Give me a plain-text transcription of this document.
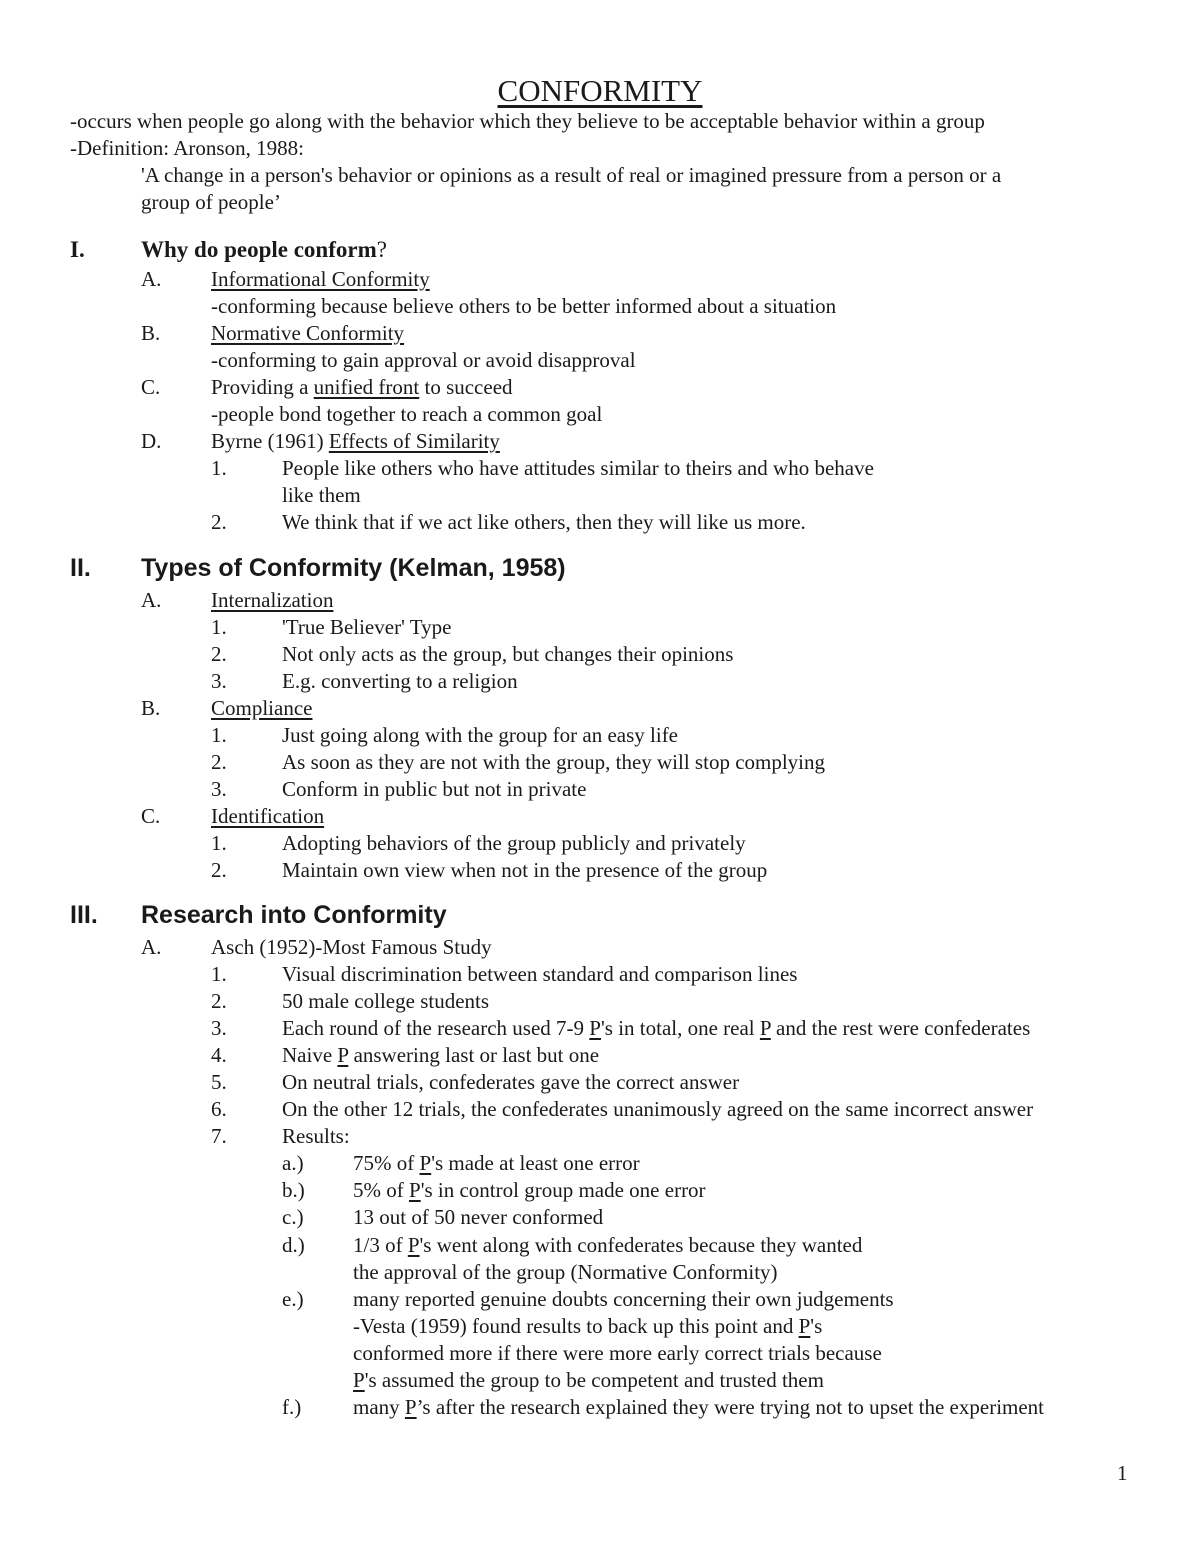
CONFORMITY
-occurs when people go along with the behavior which they believe to be acceptable behavior within a group
-Definition: Aronson, 1988:
'A change in a person's behavior or opinions as a result of real or imagined pressure from a person or a
group of people’
I. Why do people conform?
A. Informational Conformity
-conforming because believe others to be better informed about a situation
B. Normative Conformity
-conforming to gain approval or avoid disapproval
C. Providing a unified front to succeed
-people bond together to reach a common goal
D. Byrne (1961) Effects of Similarity
1.	People like others who have attitudes similar to theirs and who behave
like them
2.	We think that if we act like others, then they will like us more.
II. Types of Conformity (Kelman, 1958)
A. Internalization
1.	'True Believer' Type
2.	Not only acts as the group, but changes their opinions
3.	E.g. converting to a religion
B. Compliance
1.	Just going along with the group for an easy life
2.	As soon as they are not with the group, they will stop complying
3.	Conform in public but not in private
C. Identification
1.	Adopting behaviors of the group publicly and privately
2.	Maintain own view when not in the presence of the group
III. Research into Conformity
A. Asch (1952)-Most Famous Study
1.	Visual discrimination between standard and comparison lines
2.	50 male college students
3.	Each round of the research used 7-9 P's in total, one real P and the rest were confederates
4.	Naive P answering last or last but one
5.	On neutral trials, confederates gave the correct answer
6.	On the other 12 trials, the confederates unanimously agreed on the same incorrect answer
7.	Results:
a.) 75% of P's made at least one error
b.) 5% of P's in control group made one error
c.) 13 out of 50 never conformed
d.) 1/3 of P's went along with confederates because they wanted
the approval of the group (Normative Conformity)
e.) many reported genuine doubts concerning their own judgements
-Vesta (1959) found results to back up this point and P's
conformed more if there were more early correct trials because
P's assumed the group to be competent and trusted them
f.) many P’s after the research explained they were trying not to upset the experiment
1
